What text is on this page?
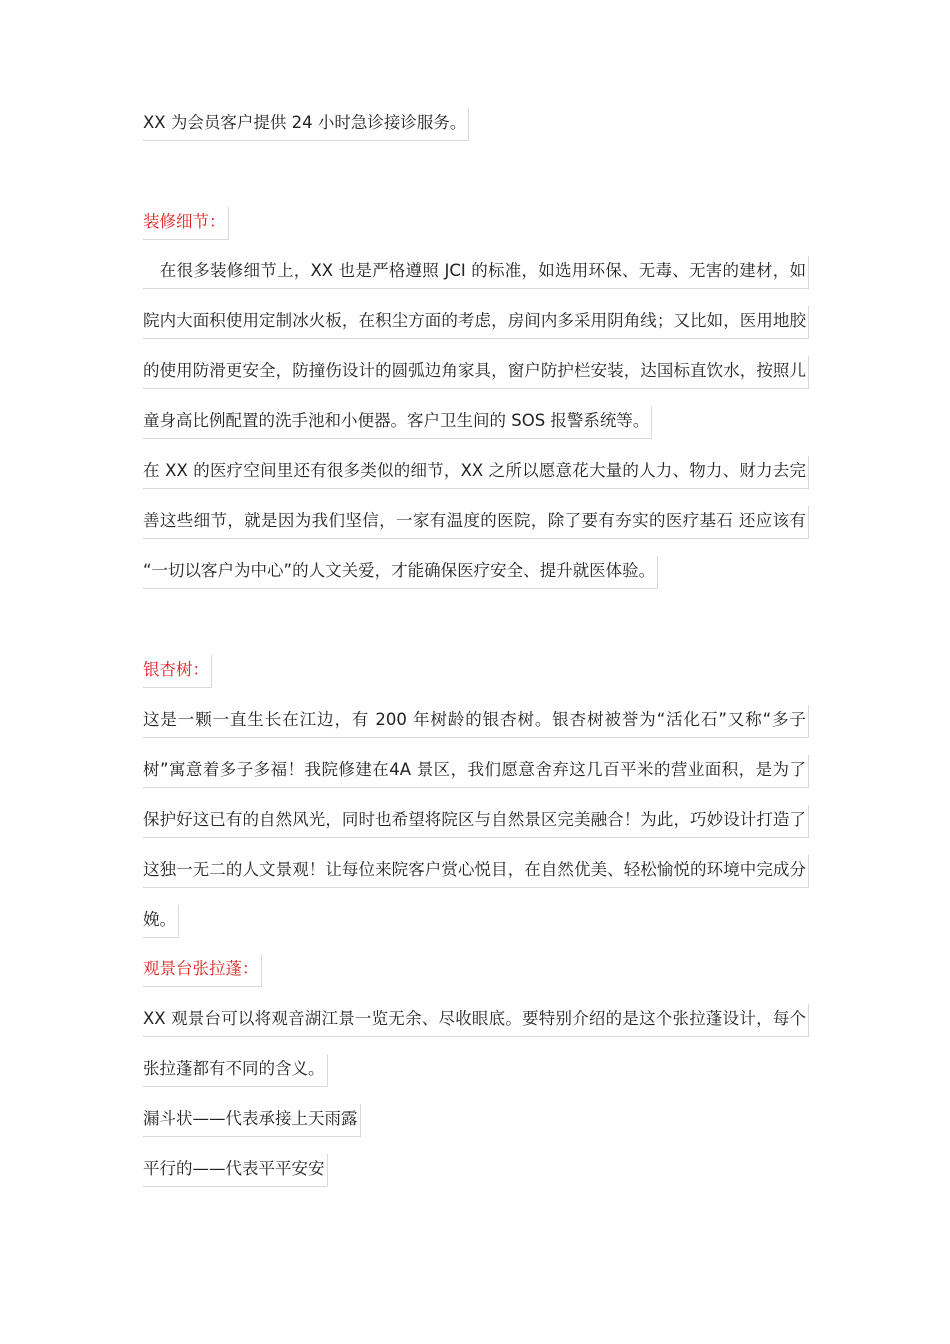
XX 为会员客户提供 24 小时急诊接诊服务。
装修细节：
　在很多装修细节上，XX 也是严格遵照 JCI 的标准，如选用环保、无毒、无害的建材，如
院内大面积使用定制冰火板，在积尘方面的考虑，房间内多采用阴角线；又比如，医用地胶
的使用防滑更安全，防撞伤设计的圆弧边角家具，窗户防护栏安装，达国标直饮水，按照儿
童身高比例配置的洗手池和小便器。客户卫生间的 SOS 报警系统等。
在 XX 的医疗空间里还有很多类似的细节，XX 之所以愿意花大量的人力、物力、财力去完
善这些细节，就是因为我们坚信，一家有温度的医院，除了要有夯实的医疗基石 还应该有
“一切以客户为中心”的人文关爱，才能确保医疗安全、提升就医体验。
银杏树：
这是一颗一直生长在江边，有 200 年树龄的银杏树。银杏树被誉为“活化石”又称“多子
树”寓意着多子多福！我院修建在4A 景区，我们愿意舍弃这几百平米的营业面积，是为了
保护好这已有的自然风光，同时也希望将院区与自然景区完美融合！为此，巧妙设计打造了
这独一无二的人文景观！让每位来院客户赏心悦目，在自然优美、轻松愉悦的环境中完成分
娩。
观景台张拉蓬：
XX 观景台可以将观音湖江景一览无余、尽收眼底。要特别介绍的是这个张拉蓬设计，每个
张拉蓬都有不同的含义。
漏斗状——代表承接上天雨露
平行的——代表平平安安
